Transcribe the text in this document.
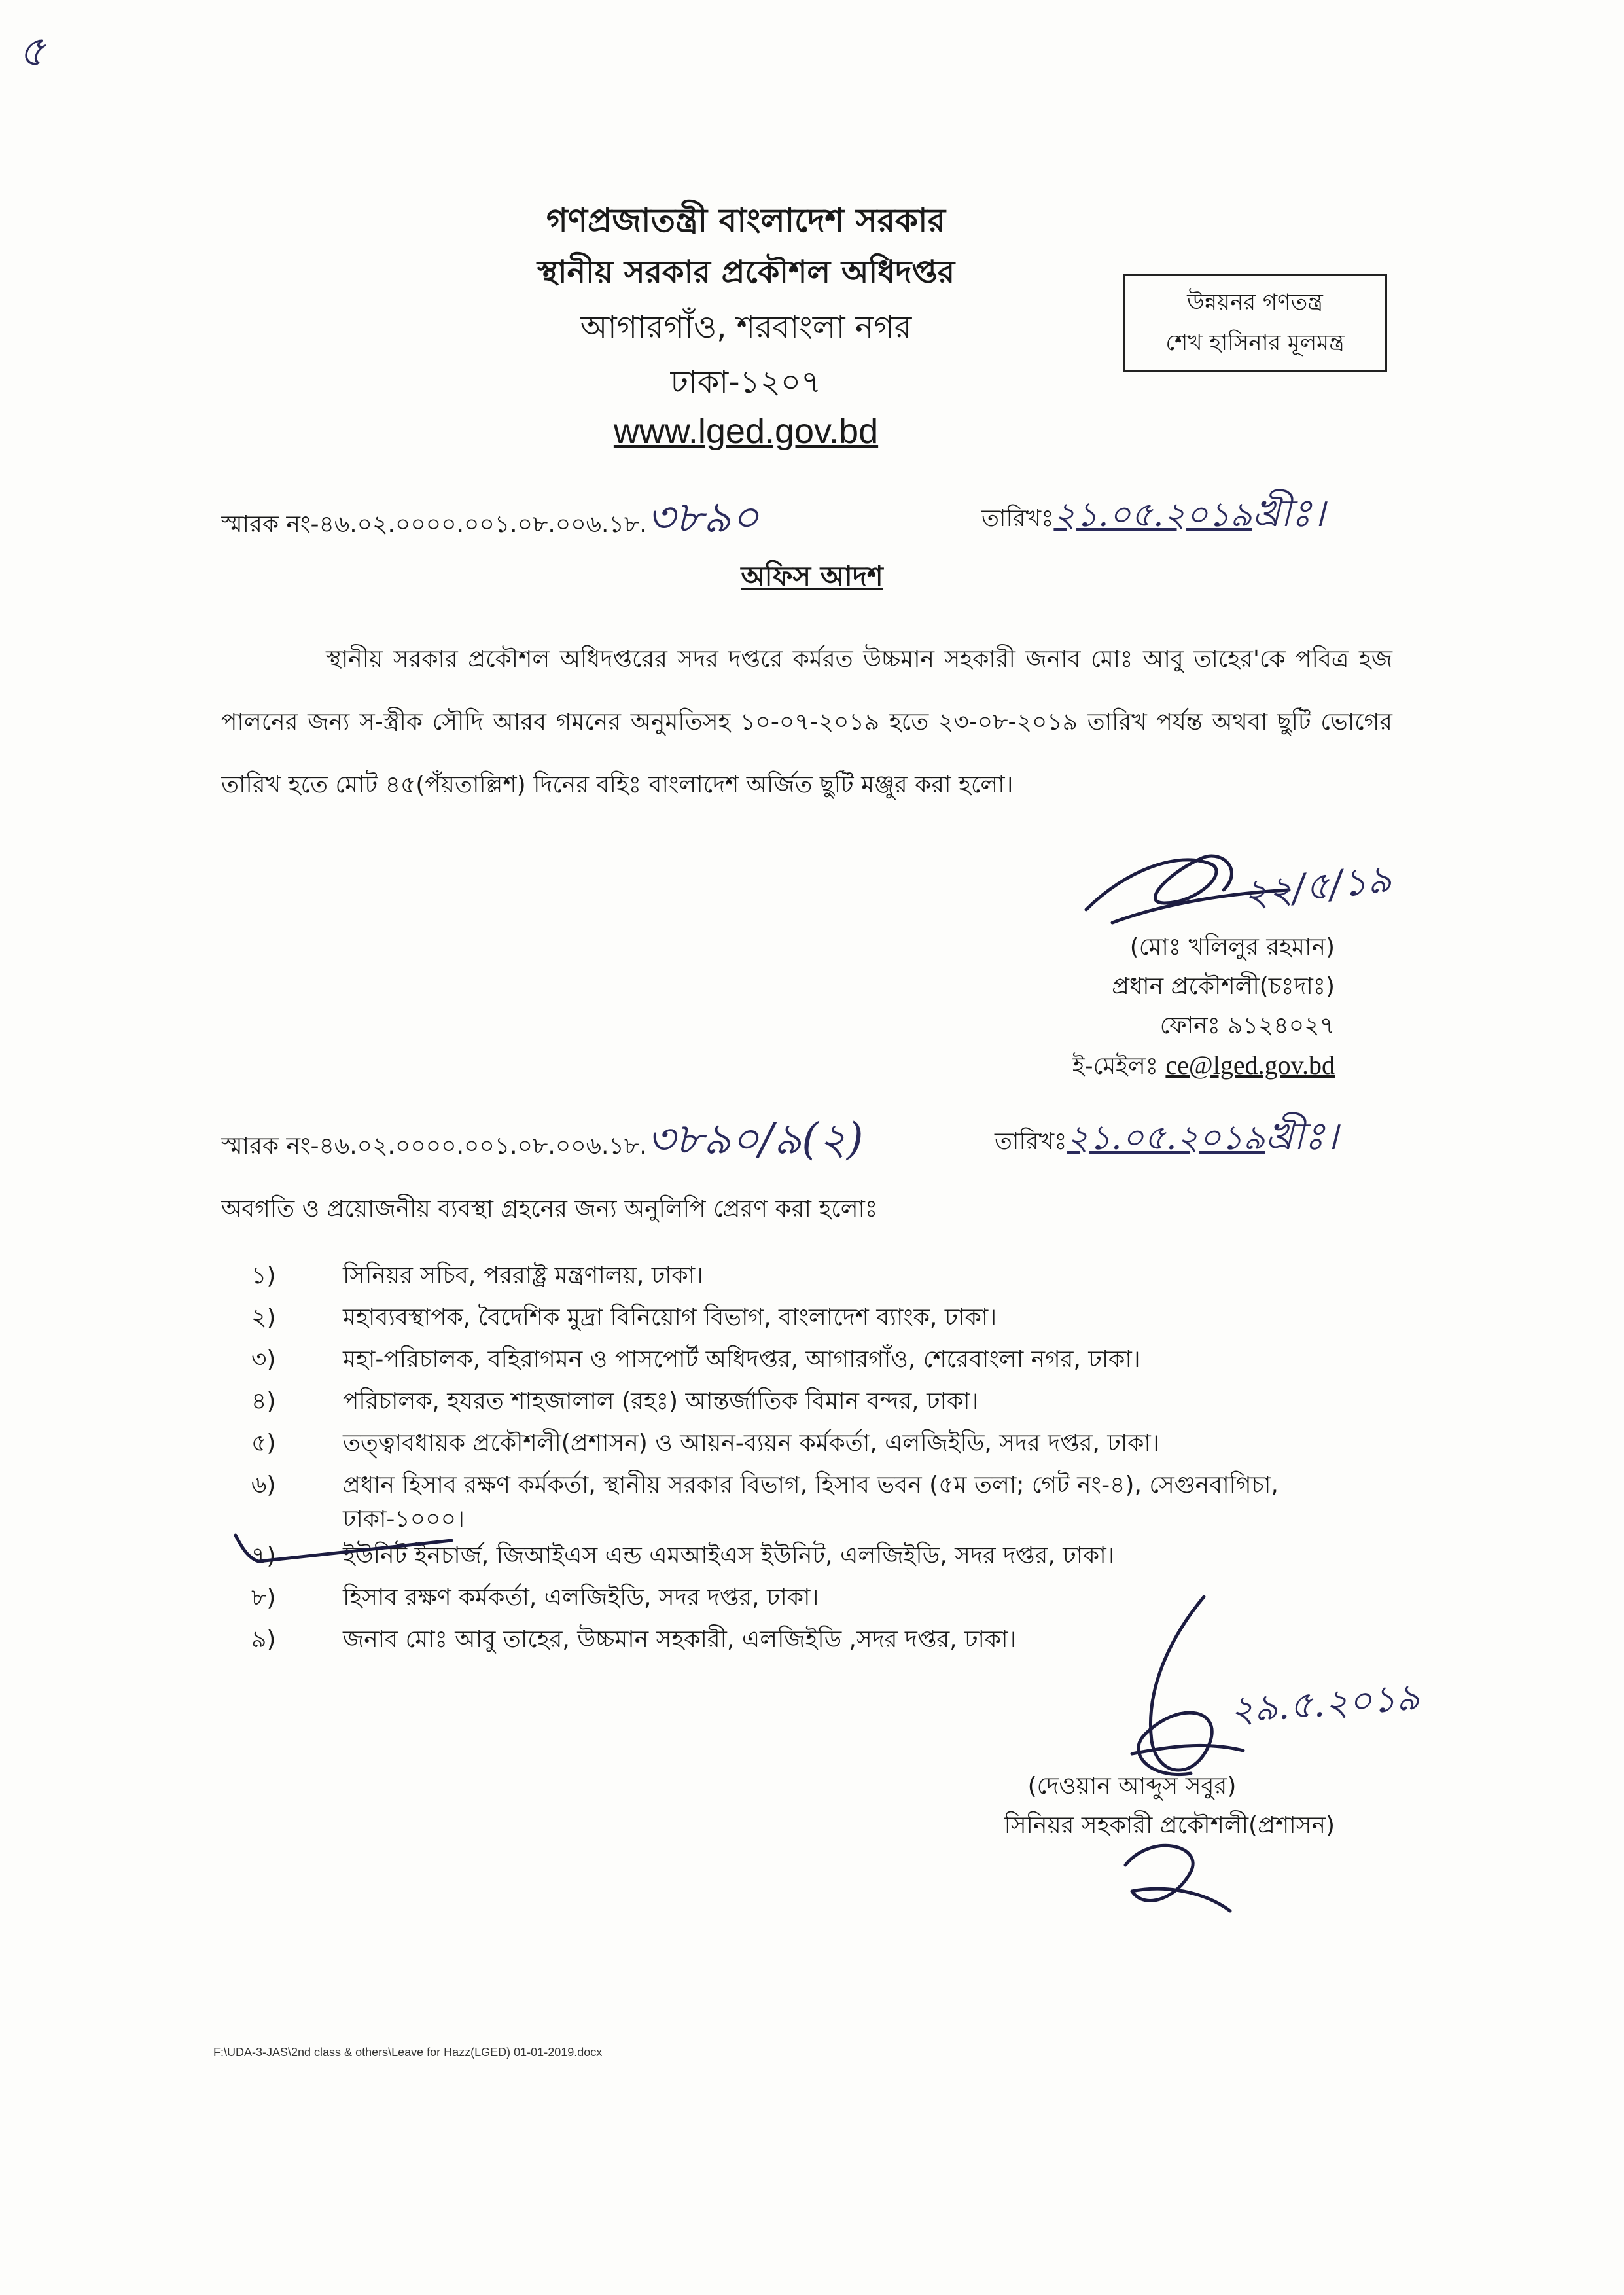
৫
গণপ্রজাতন্ত্রী বাংলাদেশ সরকার
স্থানীয় সরকার প্রকৌশল অধিদপ্তর
আগারগাঁও, শরবাংলা নগর
ঢাকা-১২০৭
www.lged.gov.bd
উন্নয়নর গণতন্ত্র
শেখ হাসিনার মূলমন্ত্র
স্মারক নং-৪৬.০২.০০০০.০০১.০৮.০০৬.১৮.৩৮৯০	তারিখঃ২১.০৫.২০১৯খ্রীঃ।
অফিস আদশ
স্থানীয় সরকার প্রকৌশল অধিদপ্তরের সদর দপ্তরে কর্মরত উচ্চমান সহকারী জনাব মোঃ আবু তাহের'কে পবিত্র হজ পালনের জন্য স-স্ত্রীক সৌদি আরব গমনের অনুমতিসহ ১০-০৭-২০১৯ হতে ২৩-০৮-২০১৯ তারিখ পর্যন্ত অথবা ছুটি ভোগের তারিখ হতে মোট ৪৫(পঁয়তাল্লিশ) দিনের বহিঃ বাংলাদেশ অর্জিত ছুটি মঞ্জুর করা হলো।
২২/৫/১৯
(মোঃ খলিলুর রহমান)
প্রধান প্রকৌশলী(চঃদাঃ)
ফোনঃ ৯১২৪০২৭
ই-মেইলঃ ce@lged.gov.bd
স্মারক নং-৪৬.০২.০০০০.০০১.০৮.০০৬.১৮.৩৮৯০/৯(২)	তারিখঃ২১.০৫.২০১৯খ্রীঃ।
অবগতি ও প্রয়োজনীয় ব্যবস্থা গ্রহনের জন্য অনুলিপি প্রেরণ করা হলোঃ
১)	সিনিয়র সচিব, পররাষ্ট্র মন্ত্রণালয়, ঢাকা।
২)	মহাব্যবস্থাপক, বৈদেশিক মুদ্রা বিনিয়োগ বিভাগ, বাংলাদেশ ব্যাংক, ঢাকা।
৩)	মহা-পরিচালক, বহিরাগমন ও পাসপোর্ট অধিদপ্তর, আগারগাঁও, শেরেবাংলা নগর, ঢাকা।
৪)	পরিচালক, হযরত শাহজালাল (রহঃ) আন্তর্জাতিক বিমান বন্দর, ঢাকা।
৫)	তত্ত্বাবধায়ক প্রকৌশলী(প্রশাসন) ও আয়ন-ব্যয়ন কর্মকর্তা, এলজিইডি, সদর দপ্তর, ঢাকা।
৬)	প্রধান হিসাব রক্ষণ কর্মকর্তা, স্থানীয় সরকার বিভাগ, হিসাব ভবন (৫ম তলা; গেট নং-৪), সেগুনবাগিচা,
ঢাকা-১০০০।
৭)	ইউনিট ইনচার্জ, জিআইএস এন্ড এমআইএস ইউনিট, এলজিইডি, সদর দপ্তর, ঢাকা।
৮)	হিসাব রক্ষণ কর্মকর্তা, এলজিইডি, সদর দপ্তর, ঢাকা।
৯)	জনাব মোঃ আবু তাহের, উচ্চমান সহকারী, এলজিইডি ,সদর দপ্তর, ঢাকা।
২৯.৫.২০১৯
(দেওয়ান আব্দুস সবুর)
সিনিয়র সহকারী প্রকৌশলী(প্রশাসন)
F:\UDA-3-JAS\2nd class & others\Leave for Hazz(LGED) 01-01-2019.docx
